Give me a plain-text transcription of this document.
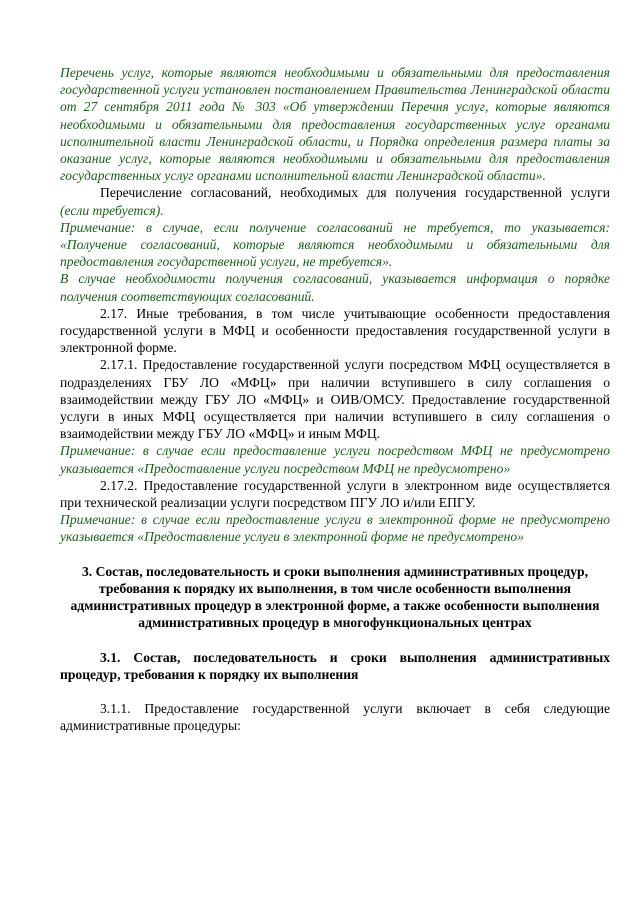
Перечень услуг, которые являются необходимыми и обязательными для предоставления государственной услуги установлен постановлением Правительства Ленинградской области от 27 сентября 2011 года № 303 «Об утверждении Перечня услуг, которые являются необходимыми и обязательными для предоставления государственных услуг органами исполнительной власти Ленинградской области, и Порядка определения размера платы за оказание услуг, которые являются необходимыми и обязательными для предоставления государственных услуг органами исполнительной власти Ленинградской области».

Перечисление согласований, необходимых для получения государственной услуги (если требуется).

Примечание: в случае, если получение согласований не требуется, то указывается: «Получение согласований, которые являются необходимыми и обязательными для предоставления государственной услуги, не требуется».

В случае необходимости получения согласований, указывается информация о порядке получения соответствующих согласований.

2.17. Иные требования, в том числе учитывающие особенности предоставления государственной услуги в МФЦ и особенности предоставления государственной услуги в электронной форме.

2.17.1. Предоставление государственной услуги посредством МФЦ осуществляется в подразделениях ГБУ ЛО «МФЦ» при наличии вступившего в силу соглашения о взаимодействии между ГБУ ЛО «МФЦ» и ОИВ/ОМСУ. Предоставление государственной услуги в иных МФЦ осуществляется при наличии вступившего в силу соглашения о взаимодействии между ГБУ ЛО «МФЦ» и иным МФЦ.

Примечание: в случае если предоставление услуги посредством МФЦ не предусмотрено указывается «Предоставление услуги посредством МФЦ не предусмотрено»

2.17.2. Предоставление государственной услуги в электронном виде осуществляется при технической реализации услуги посредством ПГУ ЛО и/или ЕПГУ.

Примечание: в случае если предоставление услуги в электронной форме не предусмотрено указывается «Предоставление услуги в электронной форме не предусмотрено»

3. Состав, последовательность и сроки выполнения административных процедур, требования к порядку их выполнения, в том числе особенности выполнения административных процедур в электронной форме, а также особенности выполнения административных процедур в многофункциональных центрах

3.1. Состав, последовательность и сроки выполнения административных процедур, требования к порядку их выполнения

3.1.1. Предоставление государственной услуги включает в себя следующие административные процедуры:
